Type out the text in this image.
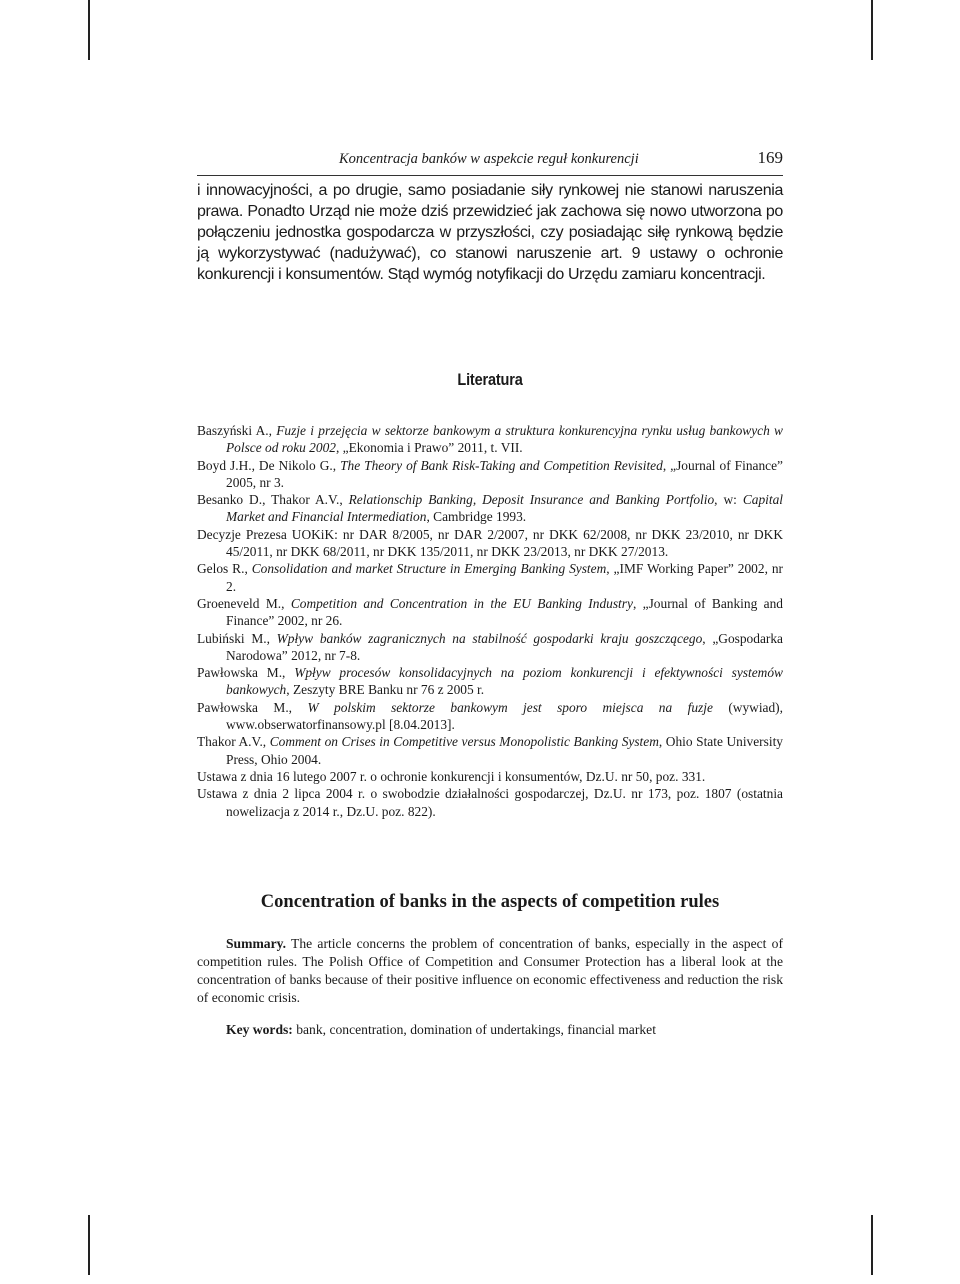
Koncentracja banków w aspekcie reguł konkurencji	169
i innowacyjności, a po drugie, samo posiadanie siły rynkowej nie stanowi naruszenia prawa. Ponadto Urząd nie może dziś przewidzieć jak zachowa się nowo utworzona po połączeniu jednostka gospodarcza w przyszłości, czy posiadając siłę rynkową będzie ją wykorzystywać (nadużywać), co stanowi naruszenie art. 9 ustawy o ochronie konkurencji i konsumentów. Stąd wymóg notyfikacji do Urzędu zamiaru koncentracji.
Literatura
Baszyński A., Fuzje i przejęcia w sektorze bankowym a struktura konkurencyjna rynku usług bankowych w Polsce od roku 2002, „Ekonomia i Prawo” 2011, t. VII.
Boyd J.H., De Nikolo G., The Theory of Bank Risk-Taking and Competition Revisited, „Journal of Finance” 2005, nr 3.
Besanko D., Thakor A.V., Relationschip Banking, Deposit Insurance and Banking Portfolio, w: Capital Market and Financial Intermediation, Cambridge 1993.
Decyzje Prezesa UOKiK: nr DAR 8/2005, nr DAR 2/2007, nr DKK 62/2008, nr DKK 23/2010, nr DKK 45/2011, nr DKK 68/2011, nr DKK 135/2011, nr DKK 23/2013, nr DKK 27/2013.
Gelos R., Consolidation and market Structure in Emerging Banking System, „IMF Working Paper” 2002, nr 2.
Groeneveld M., Competition and Concentration in the EU Banking Industry, „Journal of Banking and Finance” 2002, nr 26.
Lubiński M., Wpływ banków zagranicznych na stabilność gospodarki kraju goszczącego, „Gospodarka Narodowa” 2012, nr 7-8.
Pawłowska M., Wpływ procesów konsolidacyjnych na poziom konkurencji i efektywności systemów bankowych, Zeszyty BRE Banku nr 76 z 2005 r.
Pawłowska M., W polskim sektorze bankowym jest sporo miejsca na fuzje (wywiad), www.obserwatorfinansowy.pl [8.04.2013].
Thakor A.V., Comment on Crises in Competitive versus Monopolistic Banking System, Ohio State University Press, Ohio 2004.
Ustawa z dnia 16 lutego 2007 r. o ochronie konkurencji i konsumentów, Dz.U. nr 50, poz. 331.
Ustawa z dnia 2 lipca 2004 r. o swobodzie działalności gospodarczej, Dz.U. nr 173, poz. 1807 (ostatnia nowelizacja z 2014 r., Dz.U. poz. 822).
Concentration of banks in the aspects of competition rules

Summary. The article concerns the problem of concentration of banks, especially in the aspect of competition rules. The Polish Office of Competition and Consumer Protection has a liberal look at the concentration of banks because of their positive influence on economic effectiveness and reduction the risk of economic crisis.

Key words: bank, concentration, domination of undertakings, financial market
